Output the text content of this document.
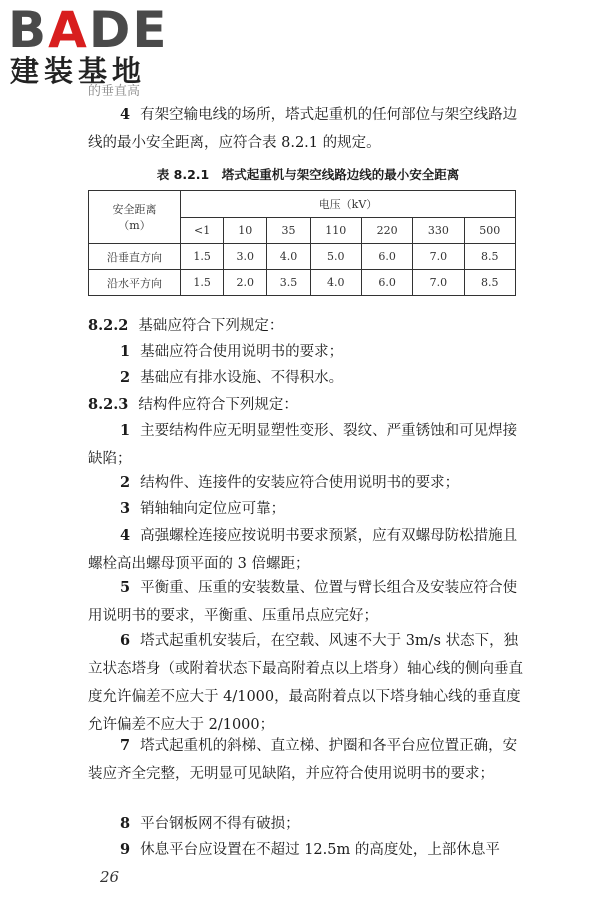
BADE
建装基地
的垂直高

4 有架空输电线的场所，塔式起重机的任何部位与架空线路边线的最小安全距离，应符合表 8.2.1 的规定。

表 8.2.1　塔式起重机与架空线路边线的最小安全距离
安全距离
（m）	电压（kV）						
	<1	10	35	110	220	330	500
沿垂直方向	1.5	3.0	4.0	5.0	6.0	7.0	8.5
沿水平方向	1.5	2.0	3.5	4.0	6.0	7.0	8.5

8.2.2 基础应符合下列规定：

1 基础应符合使用说明书的要求；

2 基础应有排水设施、不得积水。

8.2.3 结构件应符合下列规定：

1 主要结构件应无明显塑性变形、裂纹、严重锈蚀和可见焊接缺陷；

2 结构件、连接件的安装应符合使用说明书的要求；

3 销轴轴向定位应可靠；

4 高强螺栓连接应按说明书要求预紧，应有双螺母防松措施且螺栓高出螺母顶平面的 3 倍螺距；

5 平衡重、压重的安装数量、位置与臂长组合及安装应符合使用说明书的要求，平衡重、压重吊点应完好；

6 塔式起重机安装后，在空载、风速不大于 3m/s 状态下，独立状态塔身（或附着状态下最高附着点以上塔身）轴心线的侧向垂直度允许偏差不应大于 4/1000，最高附着点以下塔身轴心线的垂直度允许偏差不应大于 2/1000；

7 塔式起重机的斜梯、直立梯、护圈和各平台应位置正确，安装应齐全完整，无明显可见缺陷，并应符合使用说明书的要求；

8 平台钢板网不得有破损；

9 休息平台应设置在不超过 12.5m 的高度处，上部休息平

26
